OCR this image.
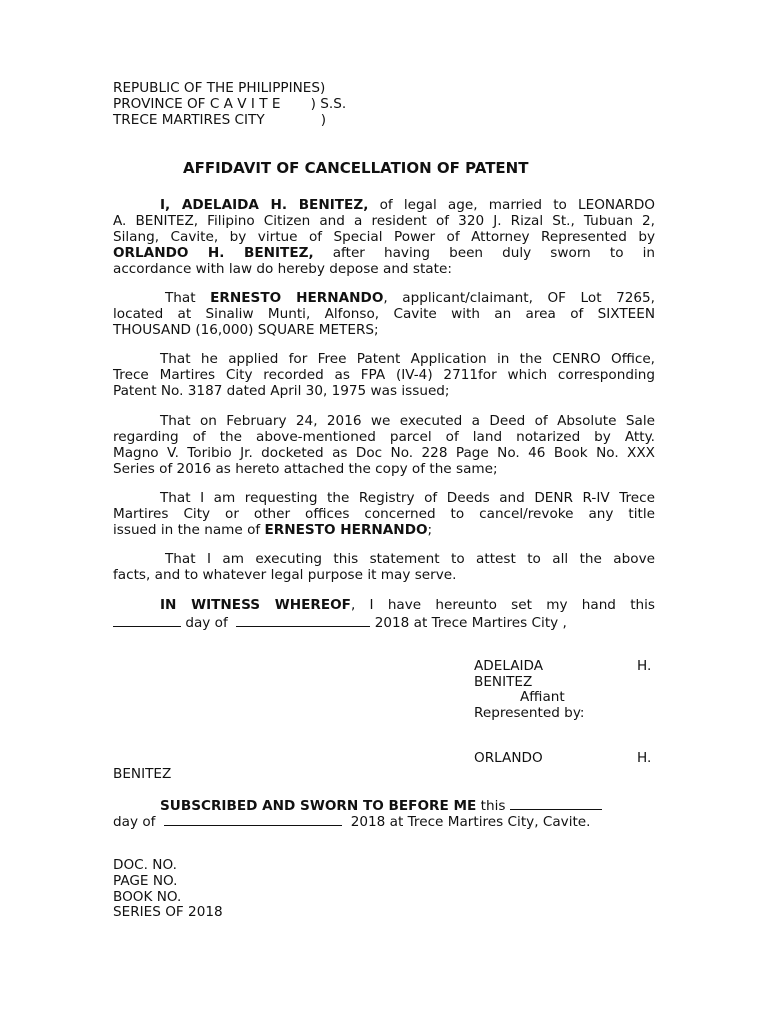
REPUBLIC OF THE PHILIPPINES)
PROVINCE OF C A V I T E       ) S.S.
TRECE MARTIRES CITY             )
AFFIDAVIT OF CANCELLATION OF PATENT
I, ADELAIDA H. BENITEZ, of legal age, married to LEONARDO
A. BENITEZ, Filipino Citizen and a resident of 320 J. Rizal St., Tubuan 2,
Silang, Cavite, by virtue of Special Power of Attorney Represented by
ORLANDO H. BENITEZ, after having been duly sworn to in
accordance with law do hereby depose and state:
That ERNESTO HERNANDO, applicant/claimant, OF Lot 7265,
located at Sinaliw Munti, Alfonso, Cavite with an area of SIXTEEN
THOUSAND (16,000) SQUARE METERS;
That he applied for Free Patent Application in the CENRO Office,
Trece Martires City recorded as FPA (IV-4) 2711for which corresponding
Patent No. 3187 dated April 30, 1975 was issued;
That on February 24, 2016 we executed a Deed of Absolute Sale
regarding of the above-mentioned parcel of land notarized by Atty.
Magno V. Toribio Jr. docketed as Doc No. 228 Page No. 46 Book No. XXX
Series of 2016 as hereto attached the copy of the same;
That I am requesting the Registry of Deeds and DENR R-IV Trece
Martires City or other offices concerned to cancel/revoke any title
issued in the name of ERNESTO HERNANDO;
That I am executing this statement to attest to all the above
facts, and to whatever legal purpose it may serve.
IN WITNESS WHEREOF, I have hereunto set my hand this
day of	2018 at Trece Martires City ,
ADELAIDA	H.
BENITEZ
Affiant
Represented by:
ORLANDO	H.
BENITEZ
SUBSCRIBED AND SWORN TO BEFORE ME this
day of	2018 at Trece Martires City, Cavite.
DOC. NO.
PAGE NO.
BOOK NO.
SERIES OF 2018
